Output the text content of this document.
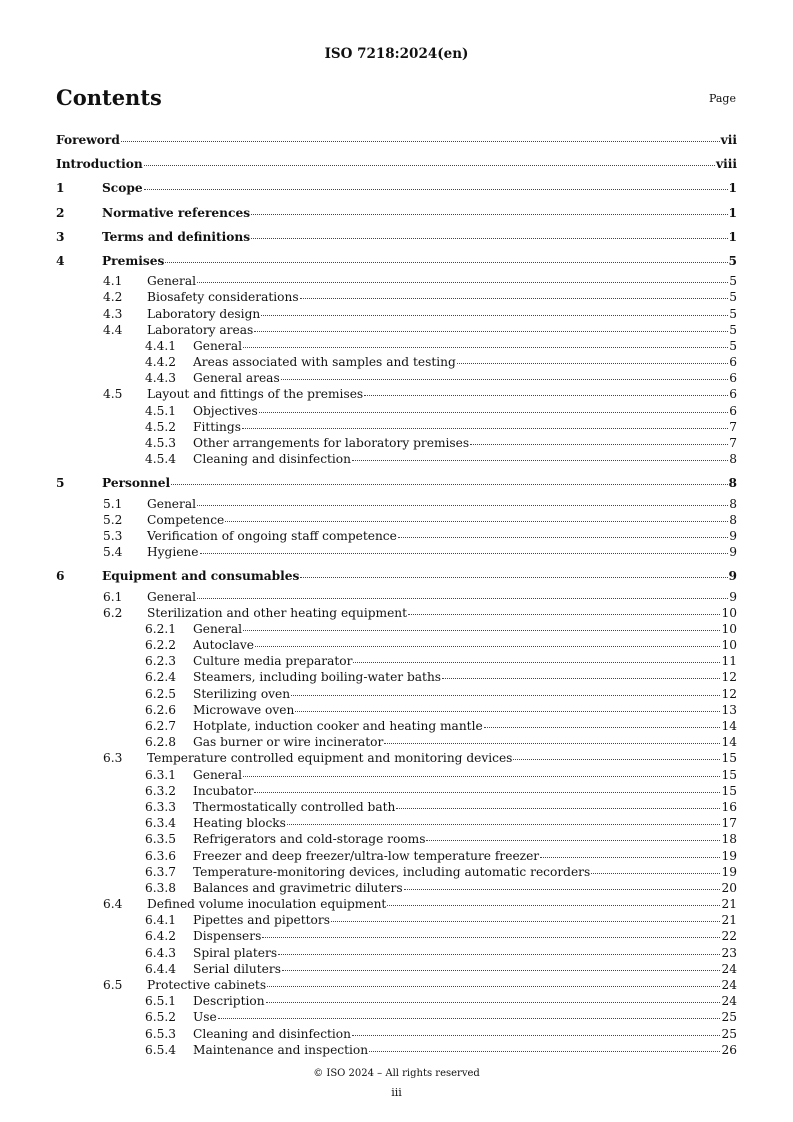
ISO 7218:2024(en)
Contents	Page
Foreword	vii
Introduction	viii
1	Scope	1
2	Normative references	1
3	Terms and definitions	1
4	Premises	5
4.1 General	5
4.2 Biosafety considerations	5
4.3 Laboratory design	5
4.4 Laboratory areas	5
4.4.1 General	5
4.4.2 Areas associated with samples and testing	6
4.4.3 General areas	6
4.5 Layout and fittings of the premises	6
4.5.1 Objectives	6
4.5.2 Fittings	7
4.5.3 Other arrangements for laboratory premises	7
4.5.4 Cleaning and disinfection	8
5	Personnel	8
5.1 General	8
5.2 Competence	8
5.3 Verification of ongoing staff competence	9
5.4 Hygiene	9
6	Equipment and consumables	9
6.1 General	9
6.2 Sterilization and other heating equipment	10
6.2.1 General	10
6.2.2 Autoclave	10
6.2.3 Culture media preparator	11
6.2.4 Steamers, including boiling-water baths	12
6.2.5 Sterilizing oven	12
6.2.6 Microwave oven	13
6.2.7 Hotplate, induction cooker and heating mantle	14
6.2.8 Gas burner or wire incinerator	14
6.3 Temperature controlled equipment and monitoring devices	15
6.3.1 General	15
6.3.2 Incubator	15
6.3.3 Thermostatically controlled bath	16
6.3.4 Heating blocks	17
6.3.5 Refrigerators and cold-storage rooms	18
6.3.6 Freezer and deep freezer/ultra-low temperature freezer	19
6.3.7 Temperature-monitoring devices, including automatic recorders	19
6.3.8 Balances and gravimetric diluters	20
6.4 Defined volume inoculation equipment	21
6.4.1 Pipettes and pipettors	21
6.4.2 Dispensers	22
6.4.3 Spiral platers	23
6.4.4 Serial diluters	24
6.5 Protective cabinets	24
6.5.1 Description	24
6.5.2 Use	25
6.5.3 Cleaning and disinfection	25
6.5.4 Maintenance and inspection	26
© ISO 2024 – All rights reserved
iii
